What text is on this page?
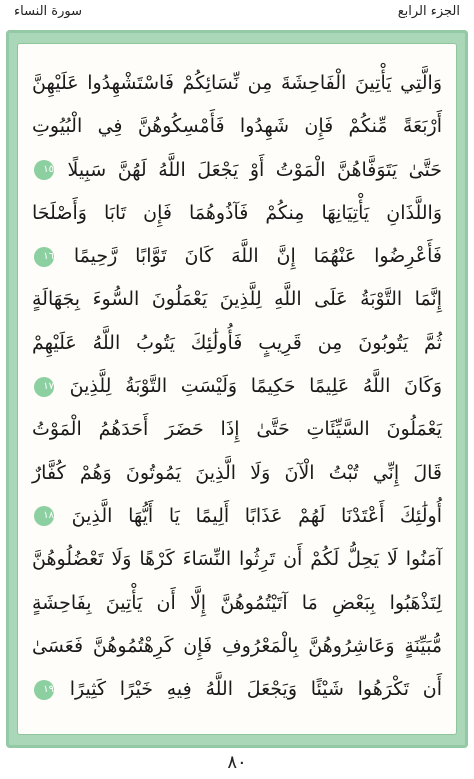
سورة النساء	الجزء الرابع
وَالَّتِي يَأْتِينَ الْفَاحِشَةَ مِن نِّسَائِكُمْ فَاسْتَشْهِدُوا عَلَيْهِنَّ
أَرْبَعَةً مِّنكُمْ فَإِن شَهِدُوا فَأَمْسِكُوهُنَّ فِي الْبُيُوتِ
حَتَّىٰ يَتَوَفَّاهُنَّ الْمَوْتُ أَوْ يَجْعَلَ اللَّهُ لَهُنَّ سَبِيلًا ١٥
وَاللَّذَانِ يَأْتِيَانِهَا مِنكُمْ فَآذُوهُمَا فَإِن تَابَا وَأَصْلَحَا
فَأَعْرِضُوا عَنْهُمَا إِنَّ اللَّهَ كَانَ تَوَّابًا رَّحِيمًا ١٦
إِنَّمَا التَّوْبَةُ عَلَى اللَّهِ لِلَّذِينَ يَعْمَلُونَ السُّوءَ بِجَهَالَةٍ
ثُمَّ يَتُوبُونَ مِن قَرِيبٍ فَأُولَٰئِكَ يَتُوبُ اللَّهُ عَلَيْهِمْ
وَكَانَ اللَّهُ عَلِيمًا حَكِيمًا وَلَيْسَتِ التَّوْبَةُ لِلَّذِينَ ١٧
يَعْمَلُونَ السَّيِّئَاتِ حَتَّىٰ إِذَا حَضَرَ أَحَدَهُمُ الْمَوْتُ
قَالَ إِنِّي تُبْتُ الْآنَ وَلَا الَّذِينَ يَمُوتُونَ وَهُمْ كُفَّارٌ
أُولَٰئِكَ أَعْتَدْنَا لَهُمْ عَذَابًا أَلِيمًا يَا أَيُّهَا الَّذِينَ ١٨
آمَنُوا لَا يَحِلُّ لَكُمْ أَن تَرِثُوا النِّسَاءَ كَرْهًا وَلَا تَعْضُلُوهُنَّ
لِتَذْهَبُوا بِبَعْضِ مَا آتَيْتُمُوهُنَّ إِلَّا أَن يَأْتِينَ بِفَاحِشَةٍ
مُّبَيِّنَةٍ وَعَاشِرُوهُنَّ بِالْمَعْرُوفِ فَإِن كَرِهْتُمُوهُنَّ فَعَسَىٰ
أَن تَكْرَهُوا شَيْئًا وَيَجْعَلَ اللَّهُ فِيهِ خَيْرًا كَثِيرًا ١٩
٨٠
